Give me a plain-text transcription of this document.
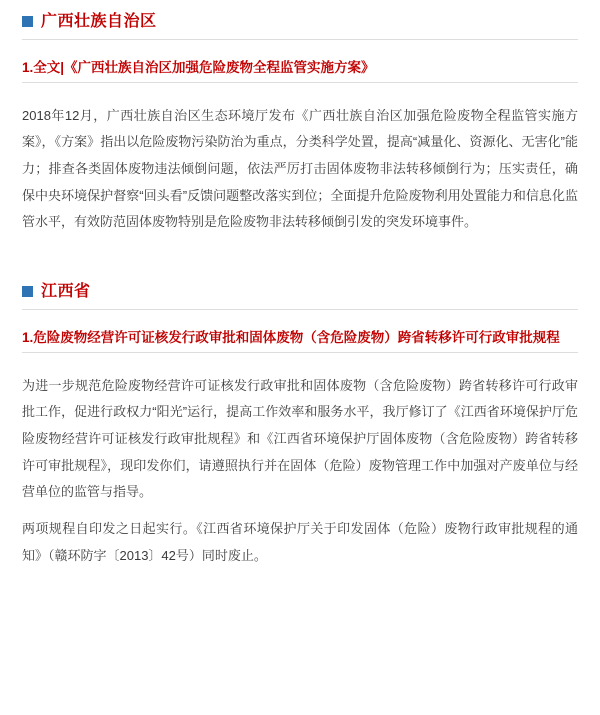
广西壮族自治区
1.全文|《广西壮族自治区加强危险废物全程监管实施方案》
2018年12月，广西壮族自治区生态环境厅发布《广西壮族自治区加强危险废物全程监管实施方案》，《方案》指出以危险废物污染防治为重点，分类科学处置，提高“减量化、资源化、无害化”能力；排查各类固体废物违法倾倒问题，依法严厉打击固体废物非法转移倾倒行为；压实责任，确保中央环境保护督察“回头看”反馈问题整改落实到位；全面提升危险废物利用处置能力和信息化监管水平，有效防范固体废物特别是危险废物非法转移倾倒引发的突发环境事件。
江西省
1.危险废物经营许可证核发行政审批和固体废物（含危险废物）跨省转移许可行政审批规程
为进一步规范危险废物经营许可证核发行政审批和固体废物（含危险废物）跨省转移许可行政审批工作，促进行政权力“阳光”运行，提高工作效率和服务水平，我厅修订了《江西省环境保护厅危险废物经营许可证核发行政审批规程》和《江西省环境保护厅固体废物（含危险废物）跨省转移许可审批规程》，现印发你们，请遵照执行并在固体（危险）废物管理工作中加强对产废单位与经营单位的监管与指导。
两项规程自印发之日起实行。《江西省环境保护厅关于印发固体（危险）废物行政审批规程的通知》（赣环防字〔2013〕42号）同时废止。
